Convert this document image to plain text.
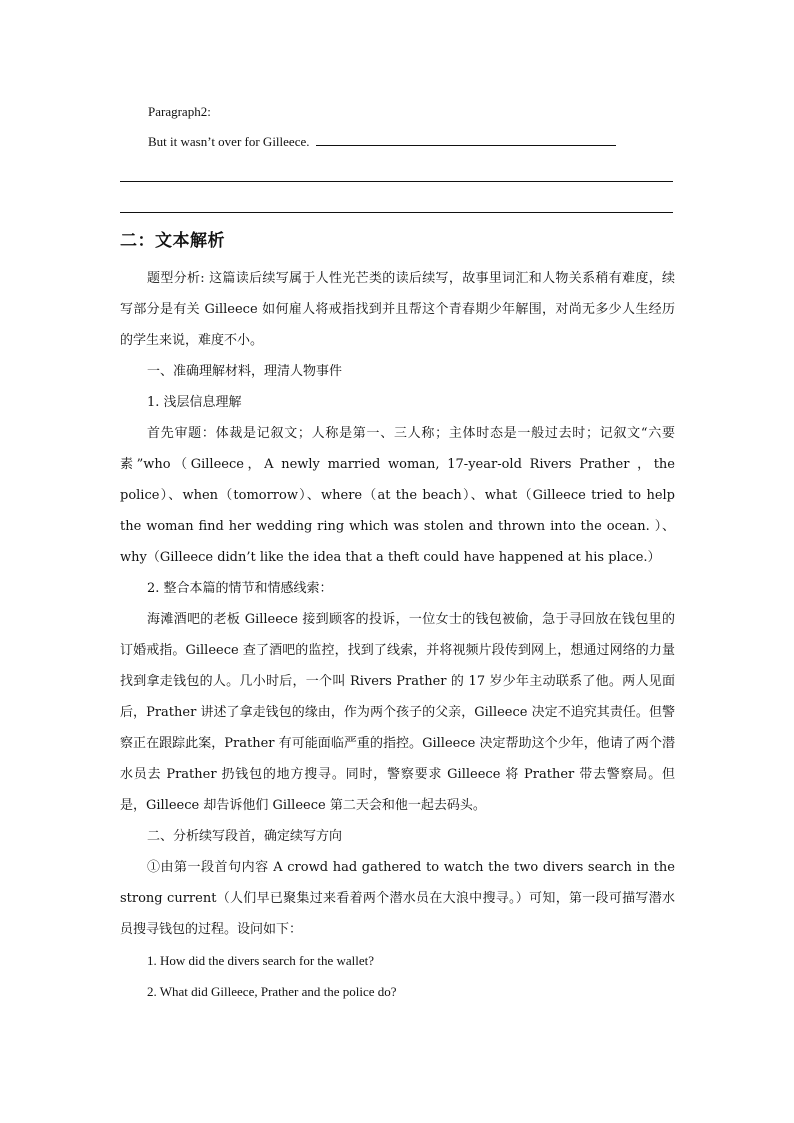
Paragraph2:
But it wasn’t over for Gilleece.
二：文本解析

题型分析: 这篇读后续写属于人性光芒类的读后续写，故事里词汇和人物关系稍有难度，续写部分是有关 Gilleece 如何雇人将戒指找到并且帮这个青春期少年解围，对尚无多少人生经历的学生来说，难度不小。

一、准确理解材料，理清人物事件

1. 浅层信息理解

首先审题：体裁是记叙文；人称是第一、三人称；主体时态是一般过去时；记叙文“六要素”who（Gilleece，A newly married woman, 17-year-old Rivers Prather ，the police）、when（tomorrow）、where（at the beach）、what（Gilleece tried to help the woman find her wedding ring which was stolen and thrown into the ocean. ）、why（Gilleece didn’t like the idea that a theft could have happened at his place.）

2. 整合本篇的情节和情感线索：

海滩酒吧的老板 Gilleece 接到顾客的投诉，一位女士的钱包被偷，急于寻回放在钱包里的订婚戒指。Gilleece 查了酒吧的监控，找到了线索，并将视频片段传到网上，想通过网络的力量找到拿走钱包的人。几小时后，一个叫 Rivers Prather 的 17 岁少年主动联系了他。两人见面后，Prather 讲述了拿走钱包的缘由，作为两个孩子的父亲，Gilleece 决定不追究其责任。但警察正在跟踪此案，Prather 有可能面临严重的指控。Gilleece 决定帮助这个少年，他请了两个潜水员去 Prather 扔钱包的地方搜寻。同时，警察要求 Gilleece 将 Prather 带去警察局。但是，Gilleece 却告诉他们 Gilleece 第二天会和他一起去码头。

二、分析续写段首，确定续写方向

①由第一段首句内容 A crowd had gathered to watch the two divers search in the strong current（人们早已聚集过来看着两个潜水员在大浪中搜寻。）可知，第一段可描写潜水员搜寻钱包的过程。设问如下：

1. How did the divers search for the wallet?

2. What did Gilleece, Prather and the police do?
